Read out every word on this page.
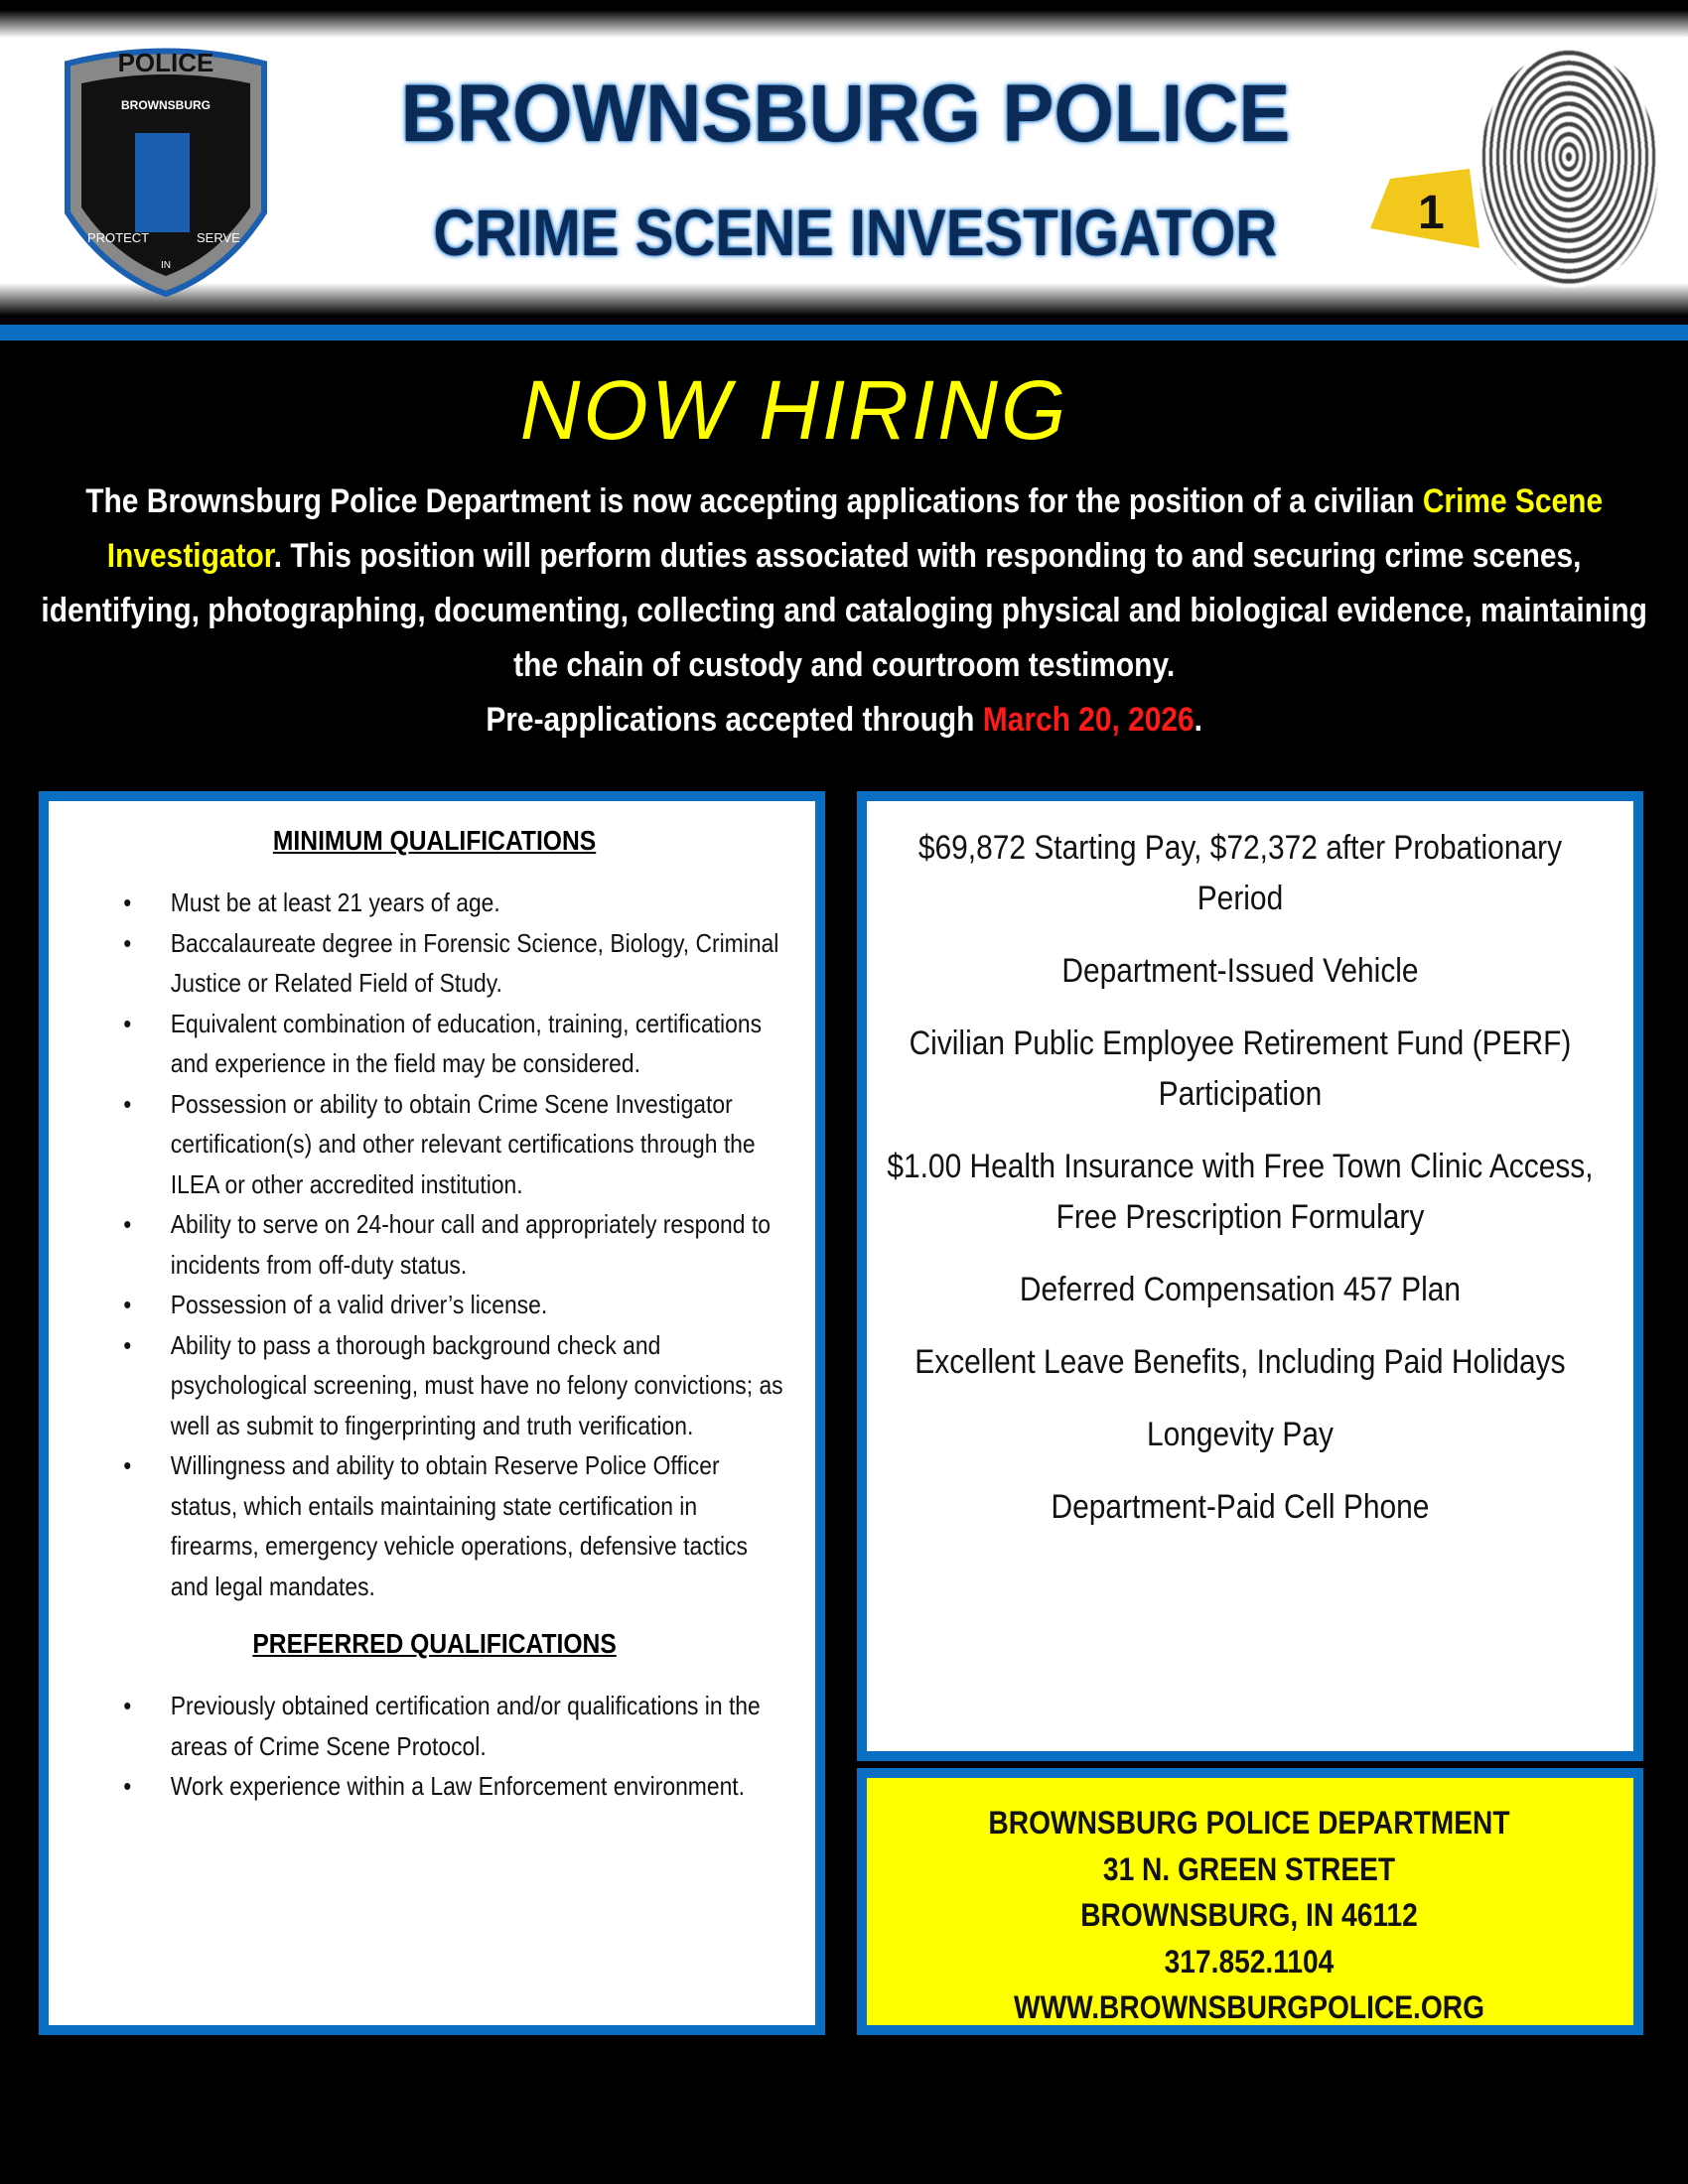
POLICE
BROWNSBURG
PROTECT
IN
SERVE
BROWNSBURG POLICE
CRIME SCENE INVESTIGATOR	1
NOW HIRING
The Brownsburg Police Department is now accepting applications for the position of a civilian Crime Scene Investigator. This position will perform duties associated with responding to and securing crime scenes, identifying, photographing, documenting, collecting and cataloging physical and biological evidence, maintaining the chain of custody and courtroom testimony.
Pre-applications accepted through March 20, 2026.
MINIMUM QUALIFICATIONS
• Must be at least 21 years of age.
• Baccalaureate degree in Forensic Science, Biology, Criminal Justice or Related Field of Study.
• Equivalent combination of education, training, certifications and experience in the field may be considered.
• Possession or ability to obtain Crime Scene Investigator certification(s) and other relevant certifications through the ILEA or other accredited institution.
• Ability to serve on 24-hour call and appropriately respond to incidents from off-duty status.
• Possession of a valid driver’s license.
• Ability to pass a thorough background check and psychological screening, must have no felony convictions; as well as submit to fingerprinting and truth verification.
• Willingness and ability to obtain Reserve Police Officer status, which entails maintaining state certification in firearms, emergency vehicle operations, defensive tactics and legal mandates.
PREFERRED QUALIFICATIONS
• Previously obtained certification and/or qualifications in the areas of Crime Scene Protocol.
• Work experience within a Law Enforcement environment.
$69,872 Starting Pay, $72,372 after Probationary Period
Department-Issued Vehicle
Civilian Public Employee Retirement Fund (PERF) Participation
$1.00 Health Insurance with Free Town Clinic Access, Free Prescription Formulary
Deferred Compensation 457 Plan
Excellent Leave Benefits, Including Paid Holidays
Longevity Pay
Department-Paid Cell Phone
BROWNSBURG POLICE DEPARTMENT
31 N. GREEN STREET
BROWNSBURG, IN 46112
317.852.1104
WWW.BROWNSBURGPOLICE.ORG
